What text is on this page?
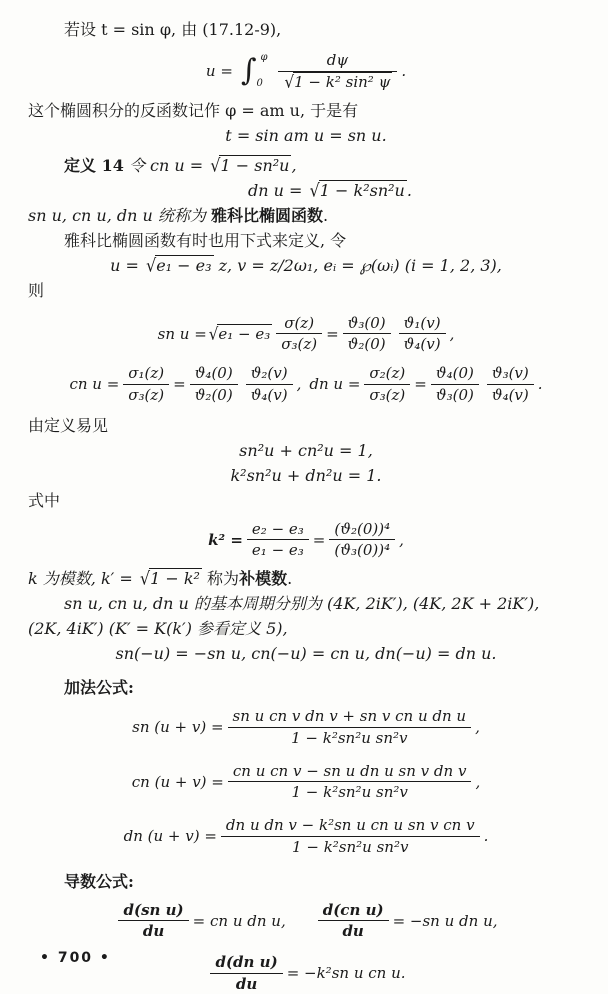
若设 t = sin φ, 由 (17.12-9),
u = ∫ φ
$0 \frac{d\psi}{\text{√1 − k² sin² ψ}}$ .
这个椭圆积分的反函数记作 φ = am u, 于是有
t = sin am u = sn u.
定义 14 令 cn u = √1 − sn²u ,
dn u = √1 − k²sn²u .
sn u, cn u, dn u 统称为 雅科比椭圆函数.
雅科比椭圆函数有时也用下式来定义, 令
u = √e₁ − e₃ z, v = z/2ω₁, eᵢ = ℘(ωᵢ) (i = 1, 2, 3),
则
sn u = √ $e_1 - e_3 \frac{\sigma(z)}{\text{σ₃(z)}} = \frac{\text{ϑ₃(0)}}{\text{ϑ₂(0)}} \frac{\text{ϑ₁(v)}}{\text{ϑ₄(v)}}$ ,
cn $u = \frac{\text{σ₁(z)}}{\text{σ₃(z)}} = \frac{\text{ϑ₄(0)}}{\text{ϑ₂(0)}} \frac{\text{ϑ₂(v)}}{\text{ϑ₄(v)}}$ , dn $u = \frac{\text{σ₂(z)}}{\text{σ₃(z)}} = \frac{\text{ϑ₄(0)}}{\text{ϑ₃(0)}} \frac{\text{ϑ₃(v)}}{\text{ϑ₄(v)}}$ .
由定义易见
sn²u + cn²u = 1,
k²sn²u + dn²u = 1.
式中
$k^2 = \frac{\text{e₂ − e₃}}{\text{e₁ − e₃}} = \frac{\text{(ϑ₂(0))⁴}}{\text{(ϑ₃(0))⁴}}$ ,
k 为模数, k′ = √1 − k² 称为补模数.
sn u, cn u, dn u 的基本周期分别为 (4K, 2iK′), (4K, 2K + 2iK′),
(2K, 4iK′) (K′ = K(k′) 参看定义 5),
sn(−u) = −sn u, cn(−u) = cn u, dn(−u) = dn u.
加法公式:
sn $(u + v) = \frac{\text{sn u cn v dn v + sn v cn u dn u}}{\text{1 − k²sn²u sn²v}}$ ,
cn $(u + v) = \frac{\text{cn u cn v − sn u dn u sn v dn v}}{\text{1 − k²sn²u sn²v}}$ ,
dn $(u + v) = \frac{\text{dn u dn v − k²sn u cn u sn v cn v}}{\text{1 − k²sn²u sn²v}}$ .
导数公式:
$\frac{\text{d(sn u)}}{du}$ = cn u dn u, $\frac{\text{d(cn u)}}{du} = -sn$ u dn u,
$\frac{\text{d(dn u)}}{du} = -k^2sn$ u cn u.
• 700 •
